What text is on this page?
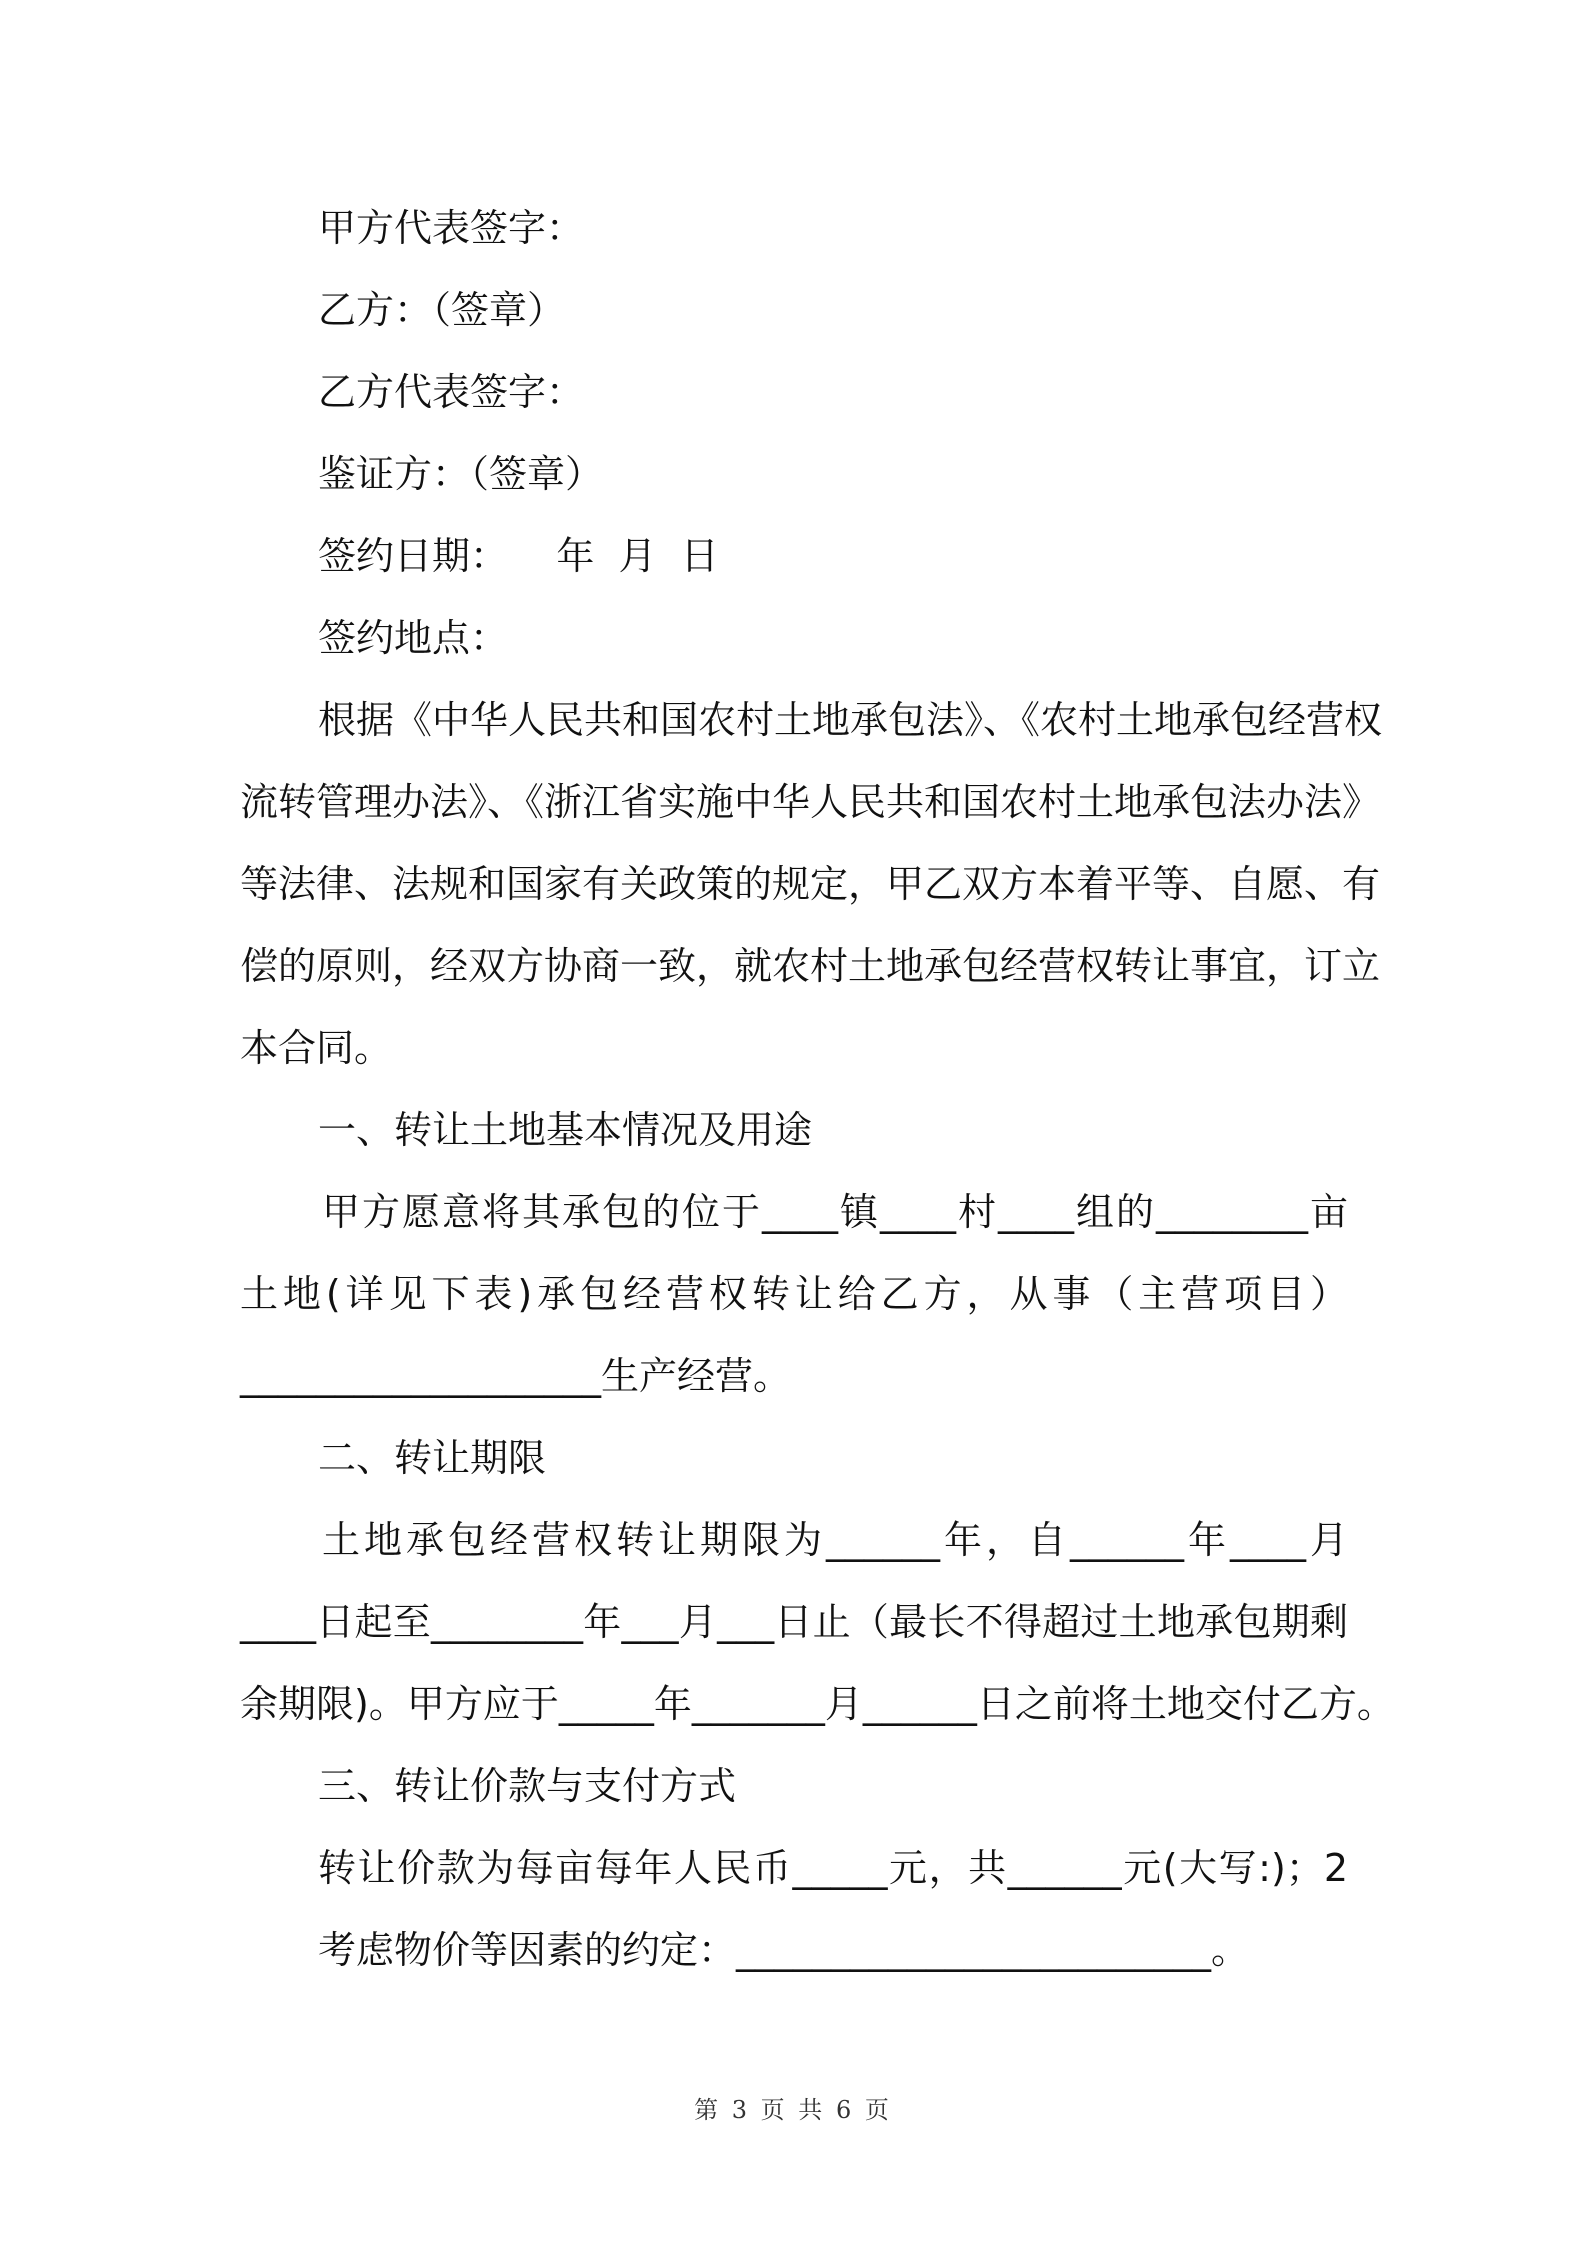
甲方代表签字：

乙方：（签章）

乙方代表签字：

鉴证方：（签章）

签约日期：    年  月  日

签约地点：

根据《中华人民共和国农村土地承包法》、《农村土地承包经营权

流转管理办法》、《浙江省实施中华人民共和国农村土地承包法办法》

等法律、法规和国家有关政策的规定，甲乙双方本着平等、自愿、有

偿的原则，经双方协商一致，就农村土地承包经营权转让事宜，订立

本合同。

一、转让土地基本情况及用途

甲方愿意将其承包的位于____镇____村____组的________亩

土地(详见下表)承包经营权转让给乙方，从事（主营项目）

___________________生产经营。

二、转让期限

土地承包经营权转让期限为______年，自______年____月

____日起至________年___月___日止（最长不得超过土地承包期剩

余期限)。甲方应于_____年_______月______日之前将土地交付乙方。

三、转让价款与支付方式

转让价款为每亩每年人民币_____元，共______元(大写:)；2

考虑物价等因素的约定：_________________________。

第 3 页 共 6 页
